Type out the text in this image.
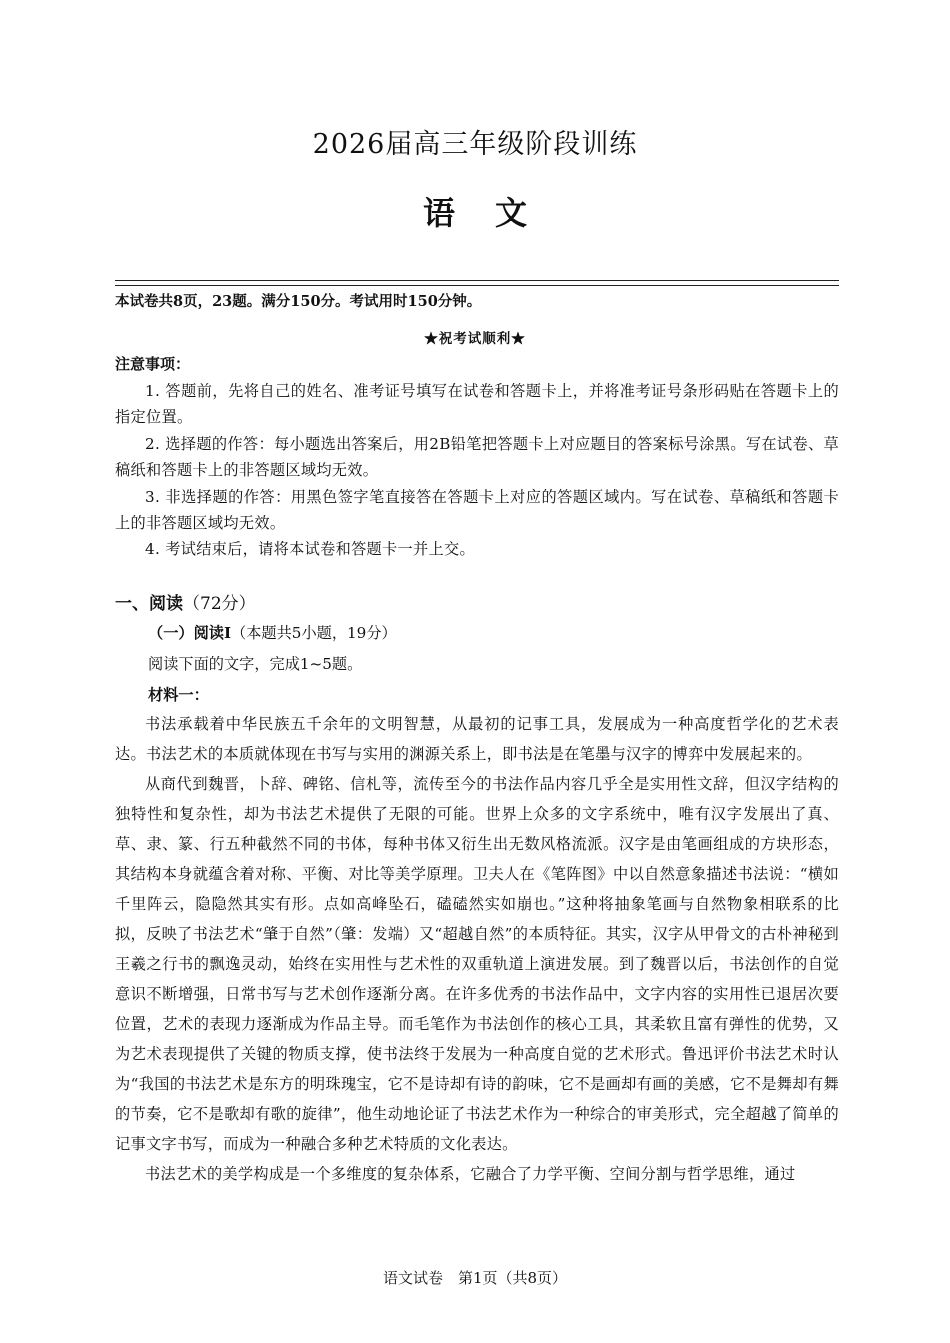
2026届高三年级阶段训练
语文
本试卷共8页，23题。满分150分。考试用时150分钟。
★祝考试顺利★
注意事项：

1. 答题前，先将自己的姓名、准考证号填写在试卷和答题卡上，并将准考证号条形码贴在答题卡上的指定位置。

2. 选择题的作答：每小题选出答案后，用2B铅笔把答题卡上对应题目的答案标号涂黑。写在试卷、草稿纸和答题卡上的非答题区域均无效。

3. 非选择题的作答：用黑色签字笔直接答在答题卡上对应的答题区域内。写在试卷、草稿纸和答题卡上的非答题区域均无效。

4. 考试结束后，请将本试卷和答题卡一并上交。

一、阅读（72分）
（一）阅读Ⅰ（本题共5小题，19分）
阅读下面的文字，完成1~5题。
材料一：

书法承载着中华民族五千余年的文明智慧，从最初的记事工具，发展成为一种高度哲学化的艺术表达。书法艺术的本质就体现在书写与实用的渊源关系上，即书法是在笔墨与汉字的博弈中发展起来的。

从商代到魏晋，卜辞、碑铭、信札等，流传至今的书法作品内容几乎全是实用性文辞，但汉字结构的独特性和复杂性，却为书法艺术提供了无限的可能。世界上众多的文字系统中，唯有汉字发展出了真、草、隶、篆、行五种截然不同的书体，每种书体又衍生出无数风格流派。汉字是由笔画组成的方块形态，其结构本身就蕴含着对称、平衡、对比等美学原理。卫夫人在《笔阵图》中以自然意象描述书法说：“横如千里阵云，隐隐然其实有形。点如高峰坠石，磕磕然实如崩也。”这种将抽象笔画与自然物象相联系的比拟，反映了书法艺术“肇于自然”（肇：发端）又“超越自然”的本质特征。其实，汉字从甲骨文的古朴神秘到王羲之行书的飘逸灵动，始终在实用性与艺术性的双重轨道上演进发展。到了魏晋以后，书法创作的自觉意识不断增强，日常书写与艺术创作逐渐分离。在许多优秀的书法作品中，文字内容的实用性已退居次要位置，艺术的表现力逐渐成为作品主导。而毛笔作为书法创作的核心工具，其柔软且富有弹性的优势，又为艺术表现提供了关键的物质支撑，使书法终于发展为一种高度自觉的艺术形式。鲁迅评价书法艺术时认为“我国的书法艺术是东方的明珠瑰宝，它不是诗却有诗的韵味，它不是画却有画的美感，它不是舞却有舞的节奏，它不是歌却有歌的旋律”，他生动地论证了书法艺术作为一种综合的审美形式，完全超越了简单的记事文字书写，而成为一种融合多种艺术特质的文化表达。

书法艺术的美学构成是一个多维度的复杂体系，它融合了力学平衡、空间分割与哲学思维，通过

语文试卷　第1页（共8页）
